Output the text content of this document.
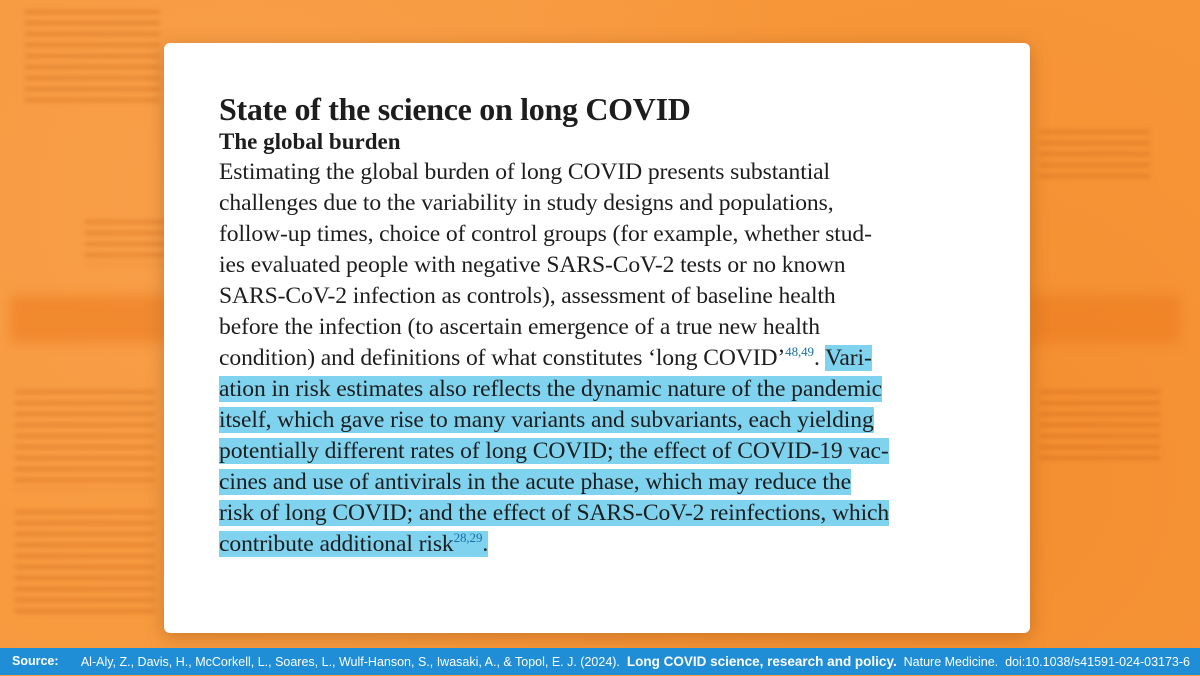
State of the science on long COVID
The global burden

Estimating the global burden of long COVID presents substantial
challenges due to the variability in study designs and populations,
follow-up times, choice of control groups (for example, whether stud-
ies evaluated people with negative SARS-CoV-2 tests or no known
SARS-CoV-2 infection as controls), assessment of baseline health
before the infection (to ascertain emergence of a true new health
condition) and definitions of what constitutes ‘long COVID’$^{48,49}$. Vari-
ation in risk estimates also reflects the dynamic nature of the pandemic
itself, which gave rise to many variants and subvariants, each yielding
potentially different rates of long COVID; the effect of COVID-19 vac-
cines and use of antivirals in the acute phase, which may reduce the
risk of long COVID; and the effect of SARS-CoV-2 reinfections, which
contribute additional risk$^{28,29}$.

Source: Al-Aly, Z., Davis, H., McCorkell, L., Soares, L., Wulf-Hanson, S., Iwasaki, A., & Topol, E. J. (2024). Long COVID science, research and policy. Nature Medicine. doi:10.1038/s41591-024-03173-6
